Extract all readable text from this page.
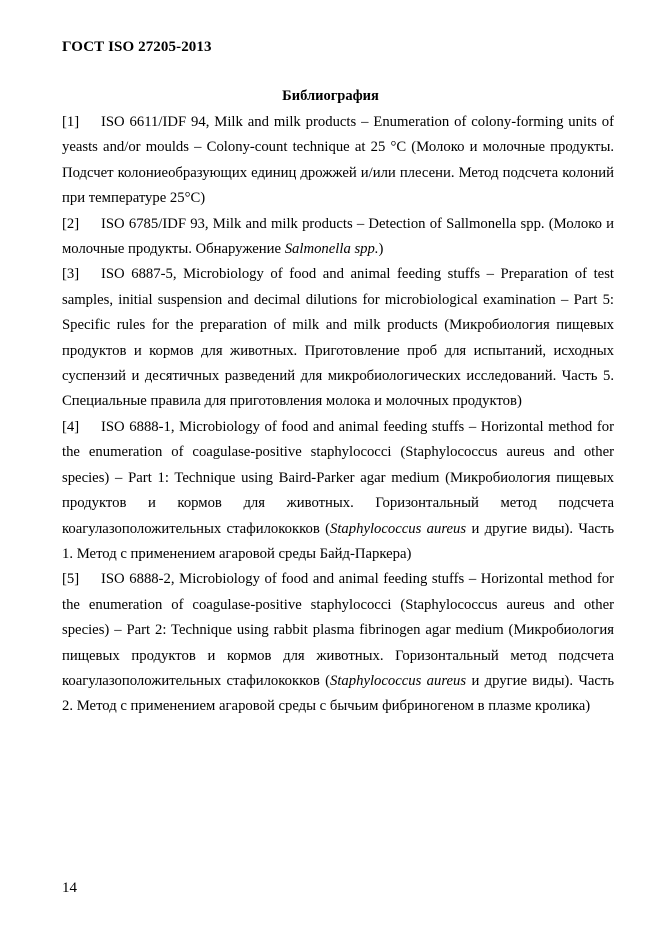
ГОСТ ISO 27205-2013
Библиография

[1] ISO 6611/IDF 94, Milk and milk products – Enumeration of colony-forming units of yeasts and/or moulds – Colony-count technique at 25 °C (Молоко и молочные продукты. Подсчет колониеобразующих единиц дрожжей и/или плесени. Метод подсчета колоний при температуре 25°C)

[2] ISO 6785/IDF 93, Milk and milk products – Detection of Sallmonella spp. (Молоко и молочные продукты. Обнаружение Salmonella spp.)

[3] ISO 6887-5, Microbiology of food and animal feeding stuffs – Preparation of test samples, initial suspension and decimal dilutions for microbiological examination – Part 5: Specific rules for the preparation of milk and milk products (Микробиология пищевых продуктов и кормов для животных. Приготовление проб для испытаний, исходных суспензий и десятичных разведений для микробиологических исследований. Часть 5. Специальные правила для приготовления молока и молочных продуктов)

[4] ISO 6888-1, Microbiology of food and animal feeding stuffs – Horizontal method for the enumeration of coagulase-positive staphylococci (Staphylococcus aureus and other species) – Part 1: Technique using Baird-Parker agar medium (Микробиология пищевых продуктов и кормов для животных. Горизонтальный метод подсчета коагулазоположительных стафилококков (Staphylococcus aureus и другие виды). Часть 1. Метод с применением агаровой среды Байд-Паркера)

[5] ISO 6888-2, Microbiology of food and animal feeding stuffs – Horizontal method for the enumeration of coagulase-positive staphylococci (Staphylococcus aureus and other species) – Part 2: Technique using rabbit plasma fibrinogen agar medium (Микробиология пищевых продуктов и кормов для животных. Горизонтальный метод подсчета коагулазоположительных стафилококков (Staphylococcus aureus и другие виды). Часть 2. Метод с применением агаровой среды с бычьим фибриногеном в плазме кролика)

14
